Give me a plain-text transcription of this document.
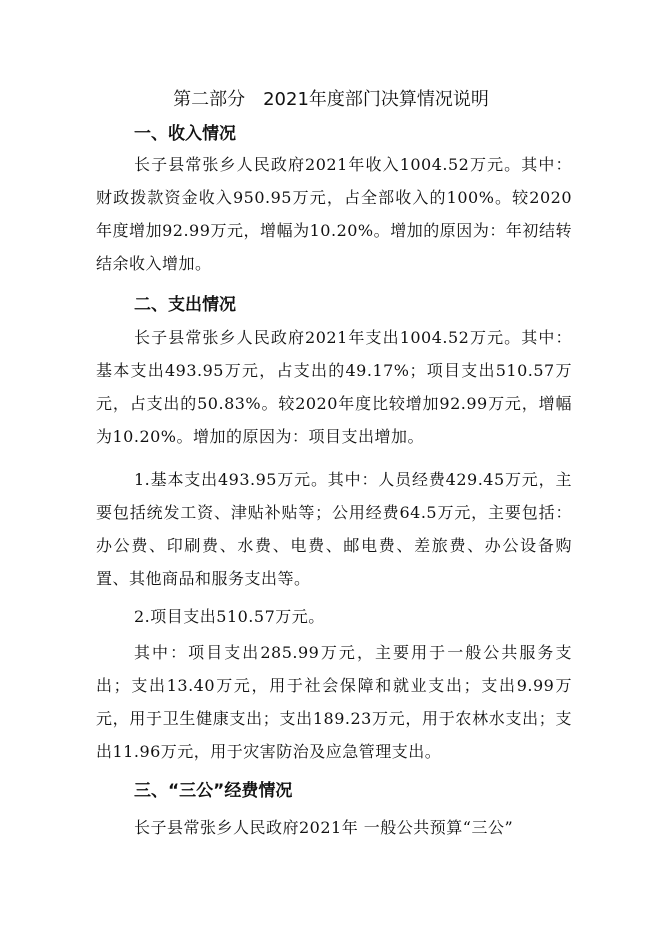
第二部分　2021年度部门决算情况说明
一、收入情况
长子县常张乡人民政府2021年收入1004.52万元。其中：财政拨款资金收入950.95万元，占全部收入的100%。较2020年度增加92.99万元，增幅为10.20%。增加的原因为：年初结转结余收入增加。
二、支出情况
长子县常张乡人民政府2021年支出1004.52万元。其中：基本支出493.95万元，占支出的49.17%；项目支出510.57万元，占支出的50.83%。较2020年度比较增加92.99万元，增幅为10.20%。增加的原因为：项目支出增加。
1.基本支出493.95万元。其中：人员经费429.45万元，主要包括统发工资、津贴补贴等；公用经费64.5万元，主要包括：办公费、印刷费、水费、电费、邮电费、差旅费、办公设备购置、其他商品和服务支出等。
2.项目支出510.57万元。
其中：项目支出285.99万元，主要用于一般公共服务支出；支出13.40万元，用于社会保障和就业支出；支出9.99万元，用于卫生健康支出；支出189.23万元，用于农林水支出；支出11.96万元，用于灾害防治及应急管理支出。
三、“三公”经费情况
长子县常张乡人民政府2021年 一般公共预算“三公”
